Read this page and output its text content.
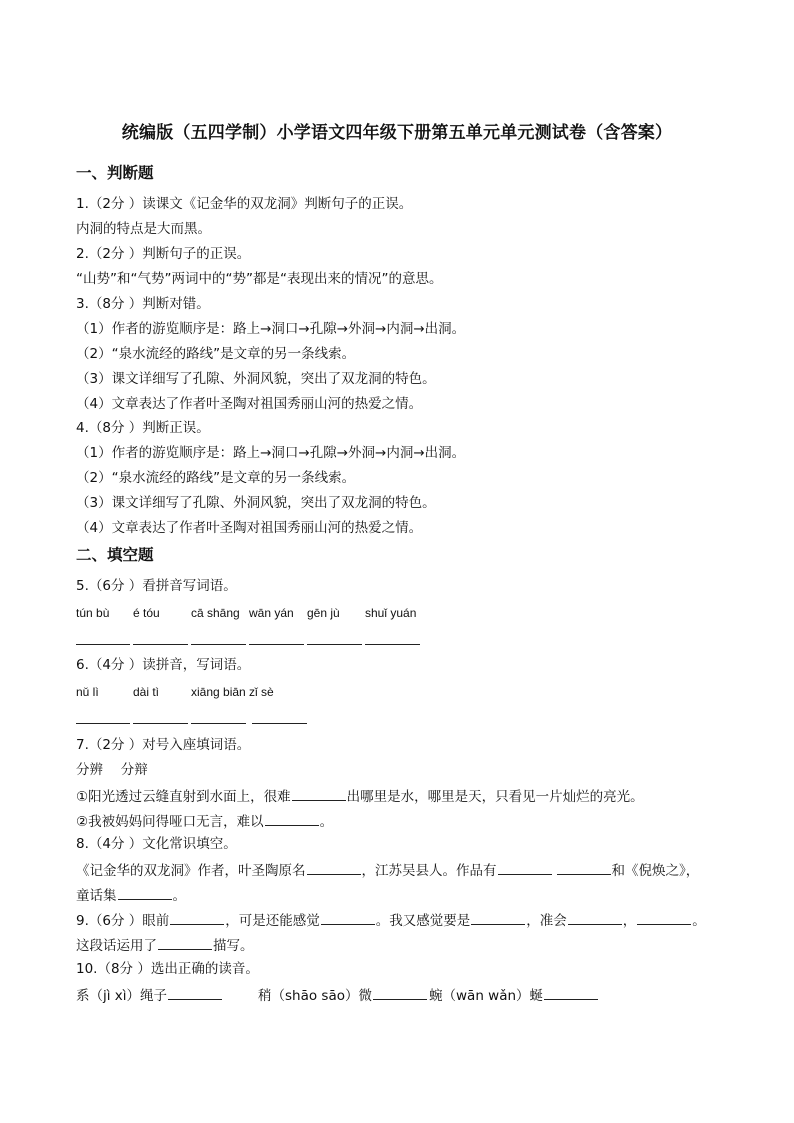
统编版（五四学制）小学语文四年级下册第五单元单元测试卷（含答案）
一、判断题
1.（2分 ）读课文《记金华的双龙洞》判断句子的正误。
内洞的特点是大而黑。
2.（2分 ）判断句子的正误。
“山势”和“气势”两词中的“势”都是“表现出来的情况”的意思。
3.（8分 ）判断对错。
（1）作者的游览顺序是：路上→洞口→孔隙→外洞→内洞→出洞。
（2）“泉水流经的路线”是文章的另一条线索。
（3）课文详细写了孔隙、外洞风貌，突出了双龙洞的特色。
（4）文章表达了作者叶圣陶对祖国秀丽山河的热爱之情。
4.（8分 ）判断正误。
（1）作者的游览顺序是：路上→洞口→孔隙→外洞→内洞→出洞。
（2）“泉水流经的路线”是文章的另一条线索。
（3）课文详细写了孔隙、外洞风貌，突出了双龙洞的特色。
（4）文章表达了作者叶圣陶对祖国秀丽山河的热爱之情。
二、填空题
5.（6分 ）看拼音写词语。
tún bù é tóu	cā shāng wān yán gēn jù shuǐ yuán
6.（4分 ）读拼音，写词语。
nǔ lì	dài tì	xiāng biān zǐ sè
7.（2分 ）对号入座填词语。
分辨　 分辩
①阳光透过云缝直射到水面上，很难	出哪里是水，哪里是天，只看见一片灿烂的亮光。
②我被妈妈问得哑口无言，难以	。
8.（4分 ）文化常识填空。
《记金华的双龙洞》作者，叶圣陶原名	，江苏吴县人。作品有	和《倪焕之》，
童话集	。
9.（6分 ）眼前	，可是还能感觉	。我又感觉要是	，准会	，	。
这段话运用了	描写。
10.（8分 ）选出正确的读音。
系（jì xì）绳子	稍（shāo sāo）微	蜿（wān wǎn）蜒
